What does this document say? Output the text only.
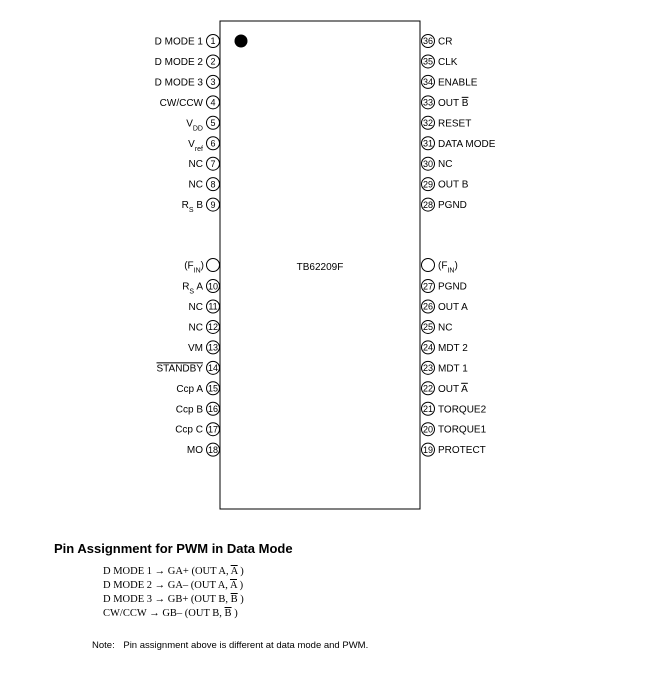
TB62209F
1
D MODE 1
2
D MODE 2
3
D MODE 3
4
CW/CCW
5
$V_{DD}$
6
$V_{ref}$
7
NC
8
NC
9
$R_S$ B
10
$R_S$ A
11
NC
12
NC
13
VM
14
STANDBY
15
Ccp A
16
Ccp B
17
Ccp C
18
MO
36 CR
35 CLK
34 ENABLE
33 OUT B
32 RESET
31 DATA MODE
30 NC
29 OUT B
28 PGND
27 PGND
26 OUT A
25 NC
24 MDT 2
23 MDT 1
22 OUT A
21 TORQUE2
20 TORQUE1
19 PROTECT
$(F_{IN})$	$(F_{IN})$
Pin Assignment for PWM in Data Mode
D MODE 1 → GA+ (OUT A, $\overline{A}$ )
D MODE 2 → GA– (OUT A, $\overline{A}$ )
D MODE 3 → GB+ (OUT B, $\overline{B}$ )
CW/CCW → GB– (OUT B, $\overline{B}$ )
Note: Pin assignment above is different at data mode and PWM.
